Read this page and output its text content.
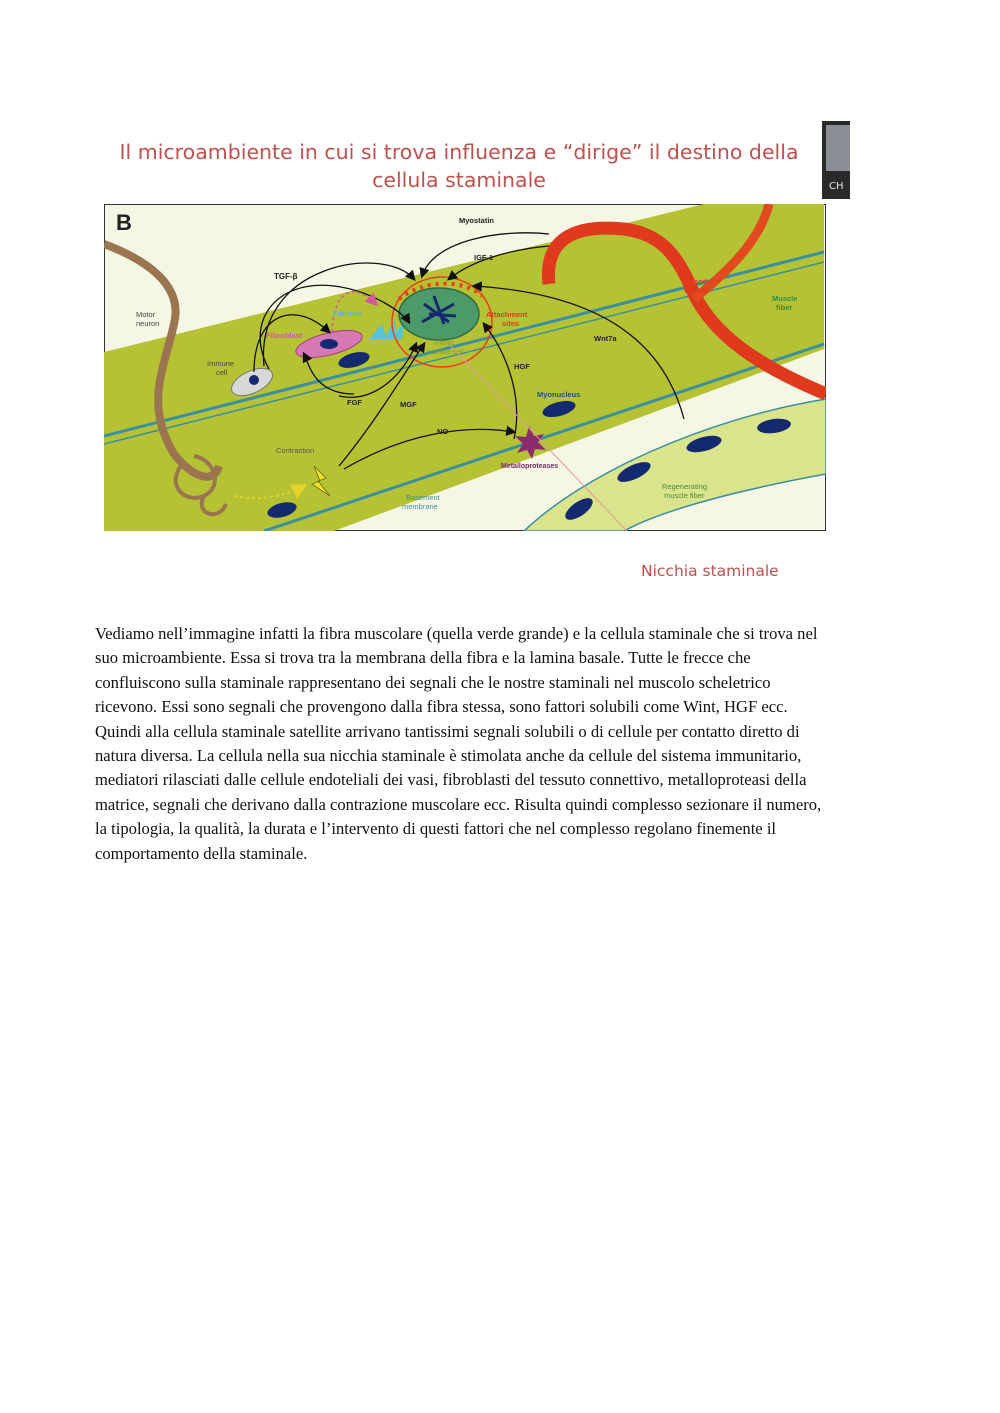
Il microambiente in cui si trova influenza e “dirige” il destino della
cellula staminale	CH
B
Motor
neuron
TGF-β
Fibroblast
Fibrosis
Immune
cell
Myostatin
IGF-1
Attachment
sites
Mitotic
satellite cell
Blood
vessel
Muscle
fiber
Wnt7a
HGF
FGF	MGF
NO
Myonucleus
Contraction
Metalloproteases
Basement
membrane
Regenerating
muscle fiber
Nicchia staminale

Vediamo nell’immagine infatti la fibra muscolare (quella verde grande) e la cellula staminale che si trova nel
suo microambiente. Essa si trova tra la membrana della fibra e la lamina basale. Tutte le frecce che
confluiscono sulla staminale rappresentano dei segnali che le nostre staminali nel muscolo scheletrico
ricevono. Essi sono segnali che provengono dalla fibra stessa, sono fattori solubili come Wint, HGF ecc.
Quindi alla cellula staminale satellite arrivano tantissimi segnali solubili o di cellule per contatto diretto di
natura diversa. La cellula nella sua nicchia staminale è stimolata anche da cellule del sistema immunitario,
mediatori rilasciati dalle cellule endoteliali dei vasi, fibroblasti del tessuto connettivo, metalloproteasi della
matrice, segnali che derivano dalla contrazione muscolare ecc. Risulta quindi complesso sezionare il numero,
la tipologia, la qualità, la durata e l’intervento di questi fattori che nel complesso regolano finemente il
comportamento della staminale.
